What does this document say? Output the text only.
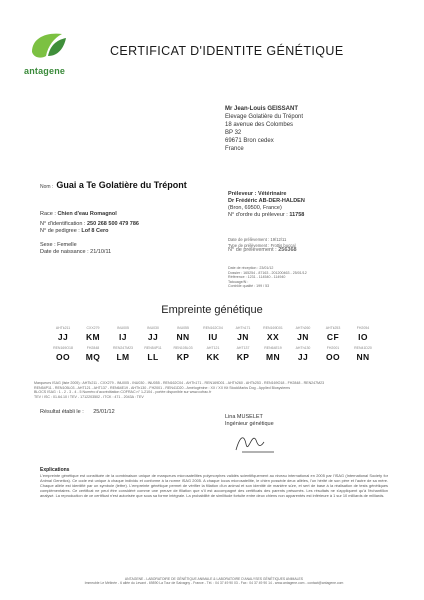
antagene
CERTIFICAT D'IDENTITE GÉNÉTIQUE
Mr Jean-Louis GEISSANT
Elevage Golatière du Trépont
18 avenue des Colombes
BP 32
69671 Bron cedex
France
Nom : Guai a Te Golatière du Trépont
Préleveur : Vétérinaire
Dr Frédéric AB-DER-HALDEN
(Bron, 69500, France)
N° d'ordre du préleveur : 11758
Race : Chien d'eau Romagnol
N° d'identification : 250 268 500 479 786
N° de pedigree : Lof 8 Cero
Sexe : Femelle
Date de naissance : 21/10/11
Date de prélèvement : 19/12/11
Type de prélèvement : Frottis buccal
N° de prélèvement : 256368
Date de réception : 23/01/12
Dossier : 165254 - 87163 - 201200463 - 25/01/12
Référence : 1231 - 114540 - 114940
Tatouage/N :
Contrôle qualité : 199 / 53
Empreinte génétique
AHTk211
JJ
CXX279
KM
INU005
IJ
INU030
JJ
INU055
NN
REN162C04
IU
AHTh171
JN
REN169D01
XX
AHTh260
JN
AHTk253
CF
FH2054
IO
REN169O18
OO
FH2848
MQ
REN247M23
LM
REN54P11
LL
REN105L03
KP
AHT121
KK
AHT137
KP
REN64E19
MN
AHTh130
JJ
FH2001
OO
REN41D20
NN
Marqueurs ISAG (liste 2005) : AHTk211 - CXX279 - INU005 - INU030 - INU055 - REN162C04 - AHTh171 - REN169D01 - AHTh260 - AHTk253 - REN169O18 - FH2848 - REN247M23
REN54P11 - REN105L03 - AHT121 - AHT137 - REN64E19 - AHTh130 - FH2001 - REN41D20 - Amélogénine : XX / XX Kit StockMarks Dog - Applied Biosystems
BLOCS ISAG : 1 - 2 - 3 - 4 - 5 Numéro d'accréditation COFRAC n° 1-2104 - portée disponible sur www.cofrac.fr
TEV / ISC : 01.64.10 / TEV - 1712203502 - ITCK : 471 - 2043A : TEV
Résultat établi le : 25/01/12
Lina MUSELET
Ingénieur génétique
Explications
L'empreinte génétique est constituée de la combinaison unique de marqueurs microsatellites polymorphes validés scientifiquement au niveau international en 2005 par l'ISAG (International Society for Animal Genetics). Ce code est unique à chaque individu et conforme à la norme ISAG 2005. A chaque locus microsatellite, le chien possède deux allèles, l'un hérité de son père et l'autre de sa mère. Chaque allèle est identifié par un symbole (lettre). L'empreinte génétique permet de vérifier la filiation d'un animal et son identité de manière sûre, et sert de base à la réalisation de tests génétiques complémentaires. Ce certificat ne peut être considéré comme une preuve de filiation que s'il est accompagné des certificats des parents présumés. Les résultats ne s'appliquent qu'à l'échantillon analysé. La reproduction de ce certificat n'est autorisée que sous sa forme intégrale. La probabilité de similitude fortuite entre deux chiens non apparentés est inférieure à 1 sur 10 milliards de milliards.
ANTAGENE - LABORATOIRE DE GÉNÉTIQUE ANIMALE & LABORATOIRE D'ANALYSES GÉNÉTIQUES ANIMALES
Immeuble Le Mélinée - 6 allée du Levant - 69890 La Tour de Salvagny - France - Tél. : 04 37 49 90 03 - Fax : 04 37 49 90 14 - www.antagene.com - contact@antagene.com
